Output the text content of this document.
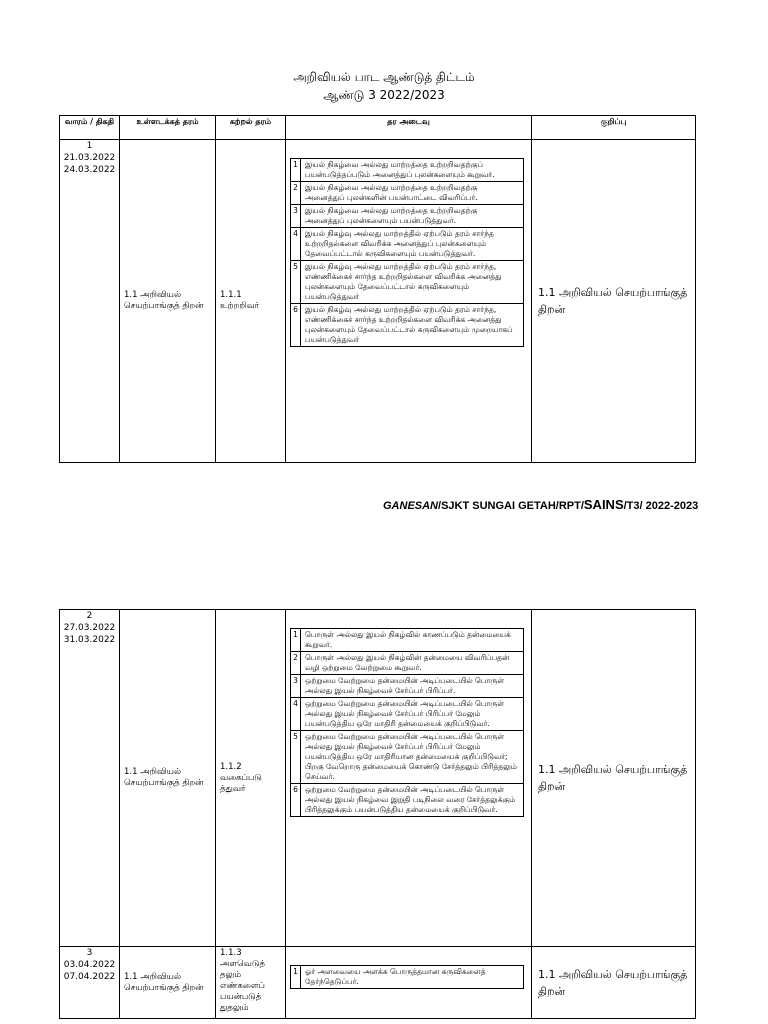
அறிவியல் பாட ஆண்டுத் திட்டம்
ஆண்டு 3 2022/2023
வாரம் / திகதி	உள்ளடக்கத் தரம்	கற்றல் தரம்	தர அடைவு	குறிப்பு

1
21.03.2022
24.03.2022
	1.1 அறிவியல் செயற்பாங்குத் திறன்	1.1.1 உற்றறிவர்	
1	இயல் நிகழ்வை அல்லது மாற்றத்தை உற்றறிவதற்குப் பயன்படுத்தப்படும் அனைத்துப் புலன்களையும் கூறுவர்.
2	இயல் நிகழ்வை அல்லது மாற்றத்தை உற்றறிவதற்கு அனைத்துப் புலன்களின் பயன்பாட்டை விவரிப்பர்.
3	இயல் நிகழ்வை அல்லது மாற்றத்தை உற்றறிவதற்கு அனைத்துப் புலன்களையும் பயன்படுத்துவர்.
4	இயல் நிகழ்வு அல்லது மாற்றத்தில் ஏற்படும் தரம் சார்ந்த உற்றறிதல்களை விவரிக்க அனைத்துப் புலன்களையும் தேவைப்பட்டால் கருவிகளையும் பயன்படுத்துவர்.
5	இயல் நிகழ்வு அல்லது மாற்றத்தில் ஏற்படும் தரம் சார்ந்த, எண்ணிக்கைச் சார்ந்த உற்றறிதல்களை விவரிக்க அனைத்து புலன்களையும் தேவைப்பட்டால் கருவிகளையும் பயன்படுத்துவர்
6	இயல் நிகழ்வு அல்லது மாற்றத்தில் ஏற்படும் தரம் சார்ந்த, எண்ணிக்கைச் சார்ந்த உற்றறிதல்களை விவரிக்க அனைத்து புலன்களையும் தேவைப்பட்டால் கருவிகளையும் முறையாகப் பயன்படுத்துவர்
	1.1 அறிவியல் செயற்பாங்குத் திறன்
GANESAN/SJKT SUNGAI GETAH/RPT/SAINS/T3/ 2022-2023
2
27.03.2022
31.03.2022
	1.1 அறிவியல் செயற்பாங்குத் திறன்	1.1.2 வகைப்படு த்துவர்	
1	பொருள் அல்லது இயல் நிகழ்வில் காணப்படும் தன்மையைக் கூறுவர்.
2	பொருள் அல்லது இயல் நிகழ்வின் தன்மையை விவரிப்பதன் வழி ஒற்றுமை வேற்றுமை கூறுவர்.
3	ஒற்றுமை வேற்றுமை தன்மையின் அடிப்படையில் பொருள் அல்லது இயல் நிகழ்வைச் சேர்ப்பர் பிரிப்பர்.
4	ஒற்றுமை வேற்றுமை தன்மையின் அடிப்படையில் பொருள் அல்லது இயல் நிகழ்வைச் சேர்ப்பர் பிரிப்பர் மேலும் பயன்படுத்திய ஒரே மாதிரி தன்மையைக் குறிப்பிடுவர்.
5	ஒற்றுமை வேற்றுமை தன்மையின் அடிப்படையில் பொருள் அல்லது இயல் நிகழ்வைச் சேர்ப்பர் பிரிப்பர் மேலும் பயன்படுத்திய ஒரே மாதிரியான தன்மையைக் குறிப்பிடுவர்; பிறகு வேறொரு தன்மையைக் கொண்டு சேர்த்தலும் பிரித்தலும் செய்வர்.
6	ஒற்றுமை வேற்றுமை தன்மையின் அடிப்படையில் பொருள் அல்லது இயல் நிகழ்வை இறுதி படிநிலை வரை சேர்த்தலுக்கும் பிரித்தலுக்கும் பயன்படுத்திய தன்மையைக் குறிப்பிடுவர்.
	1.1 அறிவியல் செயற்பாங்குத் திறன்

3
03.04.2022
07.04.2022	1.1 அறிவியல் செயற்பாங்குத் திறன்	1.1.3 அளவெடுத் தலும் எண்களைப் பயன்படுத் துதலும்	
1	ஓர் அளவையை அளக்க பொருத்தமான கருவிகளைத் தேர்ந்தெடுப்பர்.
	1.1 அறிவியல் செயற்பாங்குத் திறன்
